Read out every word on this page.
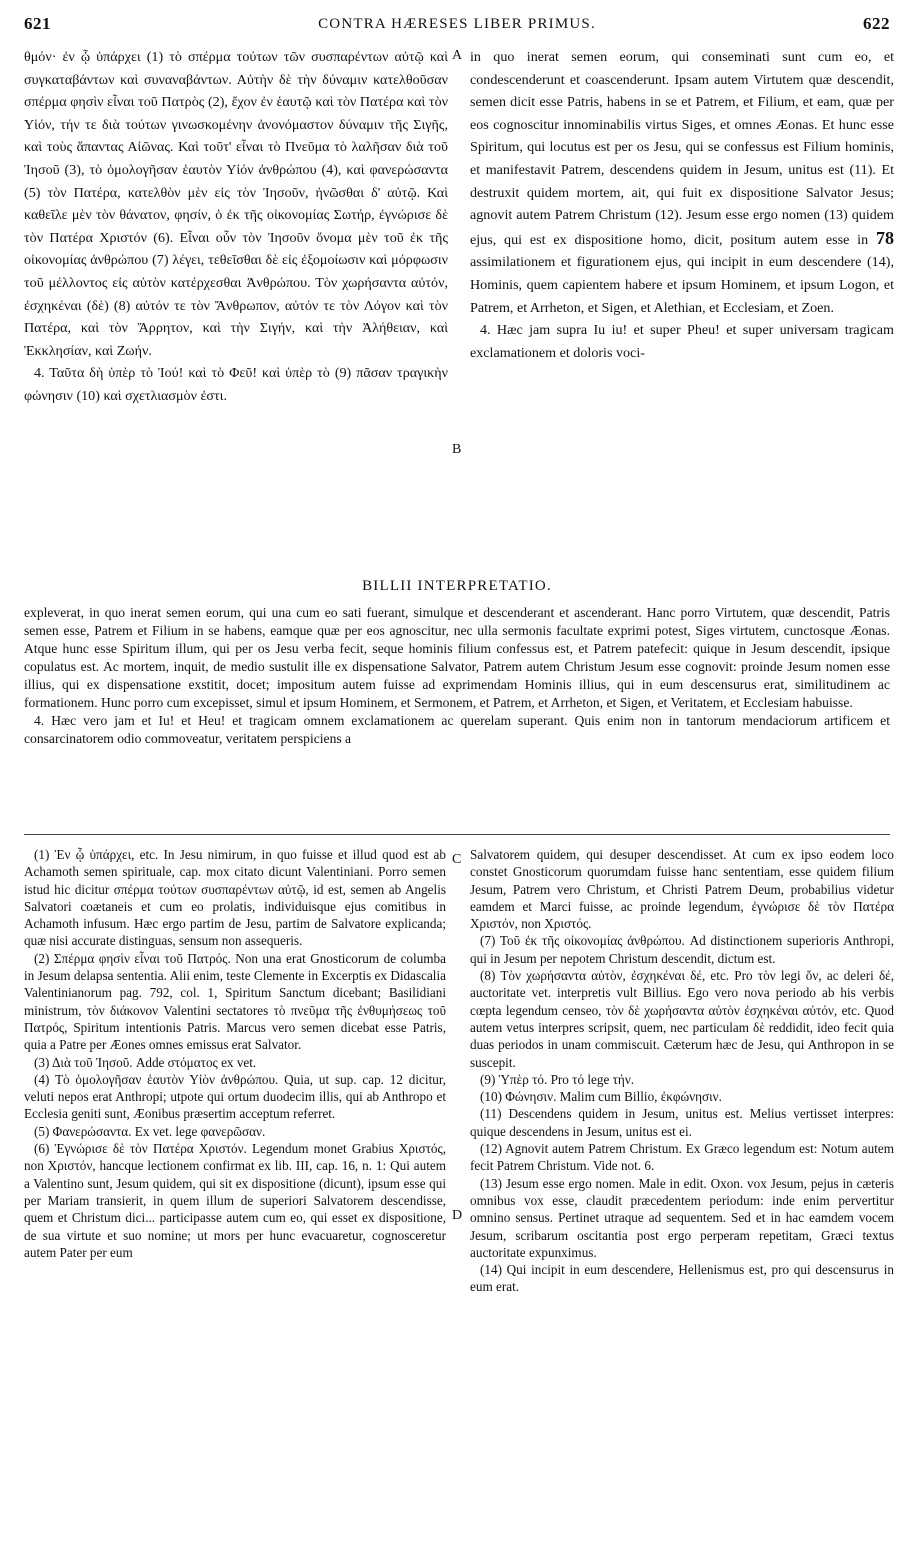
621	CONTRA HÆRESES LIBER PRIMUS.	622

θμόν· ἐν ᾧ ὑπάρχει (1) τὸ σπέρμα τούτων τῶν συσπαρέντων αὐτῷ καὶ συγκαταβάντων καὶ συναναβάντων. Αὐτὴν δὲ τὴν δύναμιν κατελθοῦσαν σπέρμα φησὶν εἶναι τοῦ Πατρὸς (2), ἔχον ἐν ἑαυτῷ καὶ τὸν Πατέρα καὶ τὸν Υἱόν, τήν τε διὰ τούτων γινωσκομένην ἀνονόμαστον δύναμιν τῆς Σιγῆς, καὶ τοὺς ἅπαντας Αἰῶνας. Καὶ τοῦτ' εἶναι τὸ Πνεῦμα τὸ λαλῆσαν διὰ τοῦ Ἰησοῦ (3), τὸ ὁμολογῆσαν ἑαυτὸν Υἱόν ἀνθρώπου (4), καὶ φανερώσαντα (5) τὸν Πατέρα, κατελθὸν μὲν εἰς τὸν Ἰησοῦν, ἡνῶσθαι δ' αὐτῷ. Καὶ καθεῖλε μὲν τὸν θάνατον, φησίν, ὁ ἐκ τῆς οἰκονομίας Σωτήρ, ἐγνώρισε δὲ τὸν Πατέρα Χριστόν (6). Εἶναι οὖν τὸν Ἰησοῦν ὄνομα μὲν τοῦ ἐκ τῆς οἰκονομίας ἀνθρώπου (7) λέγει, τεθεῖσθαι δὲ εἰς ἐξομοίωσιν καὶ μόρφωσιν τοῦ μέλλοντος εἰς αὐτὸν κατέρχεσθαι Ἀνθρώπου. Τὸν χωρήσαντα αὐτόν, ἐσχηκέναι (δὲ) (8) αὐτόν τε τὸν Ἄνθρωπον, αὐτόν τε τὸν Λόγον καὶ τὸν Πατέρα, καὶ τὸν Ἄρρητον, καὶ τὴν Σιγήν, καὶ τὴν Ἀλήθειαν, καὶ Ἐκκλησίαν, καὶ Ζωήν.

4. Ταῦτα δὴ ὑπὲρ τὸ Ἰού! καὶ τὸ Φεῦ! καὶ ὑπὲρ τὸ (9) πᾶσαν τραγικὴν φώνησιν (10) καὶ σχετλιασμὸν ἐστι.

A
B
C
D

in quo inerat semen eorum, qui conseminati sunt cum eo, et condescenderunt et coascenderunt. Ipsam autem Virtutem quæ descendit, semen dicit esse Patris, habens in se et Patrem, et Filium, et eam, quæ per eos cognoscitur innominabilis virtus Siges, et omnes Æonas. Et hunc esse Spiritum, qui locutus est per os Jesu, qui se confessus est Filium hominis, et manifestavit Patrem, descendens quidem in Jesum, unitus est (11). Et destruxit quidem mortem, ait, qui fuit ex dispositione Salvator Jesus; agnovit autem Patrem Christum (12). Jesum esse ergo nomen (13) quidem ejus, qui est ex dispositione homo, dicit, positum autem esse in 78 assimilationem et figurationem ejus, qui incipit in eum descendere (14), Hominis, quem capientem habere et ipsum Hominem, et ipsum Logon, et Patrem, et Arrheton, et Sigen, et Alethian, et Ecclesiam, et Zoen.

4. Hæc jam supra Iu iu! et super Pheu! et super universam tragicam exclamationem et doloris voci-

BILLII INTERPRETATIO.

expleverat, in quo inerat semen eorum, qui una cum eo sati fuerant, simulque et descenderant et ascenderant. Hanc porro Virtutem, quæ descendit, Patris semen esse, Patrem et Filium in se habens, eamque quæ per eos agnoscitur, nec ulla sermonis facultate exprimi potest, Siges virtutem, cunctosque Æonas. Atque hunc esse Spiritum illum, qui per os Jesu verba fecit, seque hominis filium confessus est, et Patrem patefecit: quique in Jesum descendit, ipsique copulatus est. Ac mortem, inquit, de medio sustulit ille ex dispensatione Salvator, Patrem autem Christum Jesum esse cognovit: proinde Jesum nomen esse illius, qui ex dispensatione exstitit, docet; impositum autem fuisse ad exprimendam Hominis illius, qui in eum descensurus erat, similitudinem ac formationem. Hunc porro cum excepisset, simul et ipsum Hominem, et Sermonem, et Patrem, et Arrheton, et Sigen, et Veritatem, et Ecclesiam habuisse.

4. Hæc vero jam et Iu! et Heu! et tragicam omnem exclamationem ac querelam superant. Quis enim non in tantorum mendaciorum artificem et consarcinatorem odio commoveatur, veritatem perspiciens a

(1) Ἐν ᾧ ὑπάρχει, etc. In Jesu nimirum, in quo fuisse et illud quod est ab Achamoth semen spirituale, cap. mox citato dicunt Valentiniani. Porro semen istud hic dicitur σπέρμα τούτων συσπαρέντων αὐτῷ, id est, semen ab Angelis Salvatori coætaneis et cum eo prolatis, individuisque ejus comitibus in Achamoth infusum. Hæc ergo partim de Jesu, partim de Salvatore explicanda; quæ nisi accurate distinguas, sensum non assequeris.

(2) Σπέρμα φησὶν εἶναι τοῦ Πατρός. Non una erat Gnosticorum de columba in Jesum delapsa sententia. Alii enim, teste Clemente in Excerptis ex Didascalia Valentinianorum pag. 792, col. 1, Spiritum Sanctum dicebant; Basilidiani ministrum, τὸν διάκονον Valentini sectatores τὸ πνεῦμα τῆς ἐνθυμήσεως τοῦ Πατρός, Spiritum intentionis Patris. Marcus vero semen dicebat esse Patris, quia a Patre per Æones omnes emissus erat Salvator.

(3) Διὰ τοῦ Ἰησοῦ. Adde στόματος ex vet.

(4) Τὸ ὁμολογῆσαν ἑαυτὸν Υἱὸν ἀνθρώπου. Quia, ut sup. cap. 12 dicitur, veluti nepos erat Anthropi; utpote qui ortum duodecim illis, qui ab Anthropo et Ecclesia geniti sunt, Æonibus præsertim acceptum referret.

(5) Φανερώσαντα. Ex vet. lege φανερῶσαν.

(6) Ἐγνώρισε δὲ τὸν Πατέρα Χριστόν. Legendum monet Grabius Χριστός, non Χριστόν, hancque lectionem confirmat ex lib. III, cap. 16, n. 1: Qui autem a Valentino sunt, Jesum quidem, qui sit ex dispositione (dicunt), ipsum esse qui per Mariam transierit, in quem illum de superiori Salvatorem descendisse, quem et Christum dici... participasse autem cum eo, qui esset ex dispositione, de sua virtute et suo nomine; ut mors per hunc evacuaretur, cognosceretur autem Pater per eum

Salvatorem quidem, qui desuper descendisset. At cum ex ipso eodem loco constet Gnosticorum quorumdam fuisse hanc sententiam, esse quidem filium Jesum, Patrem vero Christum, et Christi Patrem Deum, probabilius videtur eamdem et Marci fuisse, ac proinde legendum, ἐγνώρισε δὲ τὸν Πατέρα Χριστόν, non Χριστός.

(7) Τοῦ ἐκ τῆς οἰκονομίας ἀνθρώπου. Ad distinctionem superioris Anthropi, qui in Jesum per nepotem Christum descendit, dictum est.

(8) Τὸν χωρήσαντα αὐτὸν, ἐσχηκέναι δέ, etc. Pro τὸν legi ὄν, ac deleri δέ, auctoritate vet. interpretis vult Billius. Ego vero nova periodo ab his verbis cœpta legendum censeo, τὸν δὲ χωρήσαντα αὐτὸν ἐσχηκέναι αὐτόν, etc. Quod autem vetus interpres scripsit, quem, nec particulam δὲ reddidit, ideo fecit quia duas periodos in unam commiscuit. Cæterum hæc de Jesu, qui Anthropon in se suscepit.

(9) Ὑπὲρ τό. Pro τό lege τήν.

(10) Φώνησιν. Malim cum Billio, ἐκφώνησιν.

(11) Descendens quidem in Jesum, unitus est. Melius vertisset interpres: quique descendens in Jesum, unitus est ei.

(12) Agnovit autem Patrem Christum. Ex Græco legendum est: Notum autem fecit Patrem Christum. Vide not. 6.

(13) Jesum esse ergo nomen. Male in edit. Oxon. vox Jesum, pejus in cæteris omnibus vox esse, claudit præcedentem periodum: inde enim pervertitur omnino sensus. Pertinet utraque ad sequentem. Sed et in hac eamdem vocem Jesum, scribarum oscitantia post ergo perperam repetitam, Græci textus auctoritate expunximus.

(14) Qui incipit in eum descendere, Hellenismus est, pro qui descensurus in eum erat.
